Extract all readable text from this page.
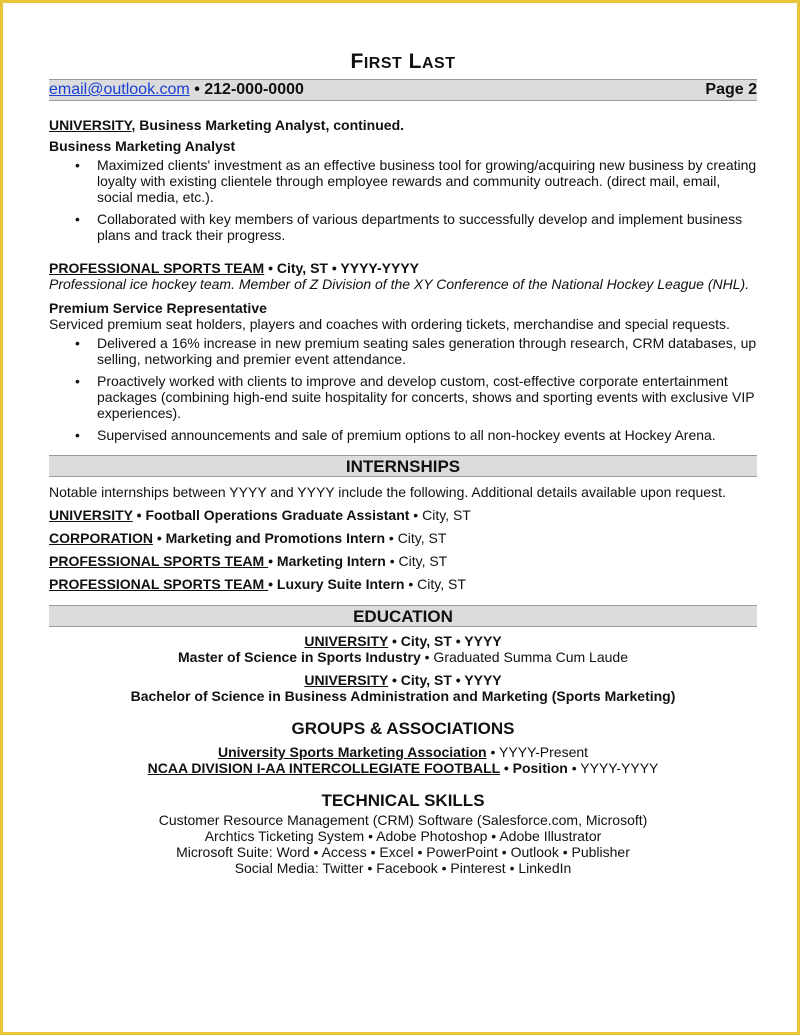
FIRST LAST
email@outlook.com • 212-000-0000	Page 2
UNIVERSITY, Business Marketing Analyst, continued.
Business Marketing Analyst
• Maximized clients' investment as an effective business tool for growing/acquiring new business by creating loyalty with existing clientele through employee rewards and community outreach. (direct mail, email, social media, etc.).
• Collaborated with key members of various departments to successfully develop and implement business plans and track their progress.
PROFESSIONAL SPORTS TEAM • City, ST • YYYY-YYYY
Professional ice hockey team. Member of Z Division of the XY Conference of the National Hockey League (NHL).
Premium Service Representative
Serviced premium seat holders, players and coaches with ordering tickets, merchandise and special requests.
• Delivered a 16% increase in new premium seating sales generation through research, CRM databases, up selling, networking and premier event attendance.
• Proactively worked with clients to improve and develop custom, cost-effective corporate entertainment packages (combining high-end suite hospitality for concerts, shows and sporting events with exclusive VIP experiences).
• Supervised announcements and sale of premium options to all non-hockey events at Hockey Arena.
INTERNSHIPS
Notable internships between YYYY and YYYY include the following. Additional details available upon request.
UNIVERSITY • Football Operations Graduate Assistant • City, ST
CORPORATION • Marketing and Promotions Intern • City, ST
PROFESSIONAL SPORTS TEAM • Marketing Intern • City, ST
PROFESSIONAL SPORTS TEAM • Luxury Suite Intern • City, ST
EDUCATION
UNIVERSITY • City, ST • YYYY
Master of Science in Sports Industry • Graduated Summa Cum Laude
UNIVERSITY • City, ST • YYYY
Bachelor of Science in Business Administration and Marketing (Sports Marketing)
GROUPS & ASSOCIATIONS
University Sports Marketing Association • YYYY-Present
NCAA DIVISION I-AA INTERCOLLEGIATE FOOTBALL • Position • YYYY-YYYY
TECHNICAL SKILLS
Customer Resource Management (CRM) Software (Salesforce.com, Microsoft)
Archtics Ticketing System • Adobe Photoshop • Adobe Illustrator
Microsoft Suite: Word • Access • Excel • PowerPoint • Outlook • Publisher
Social Media: Twitter • Facebook • Pinterest • LinkedIn
